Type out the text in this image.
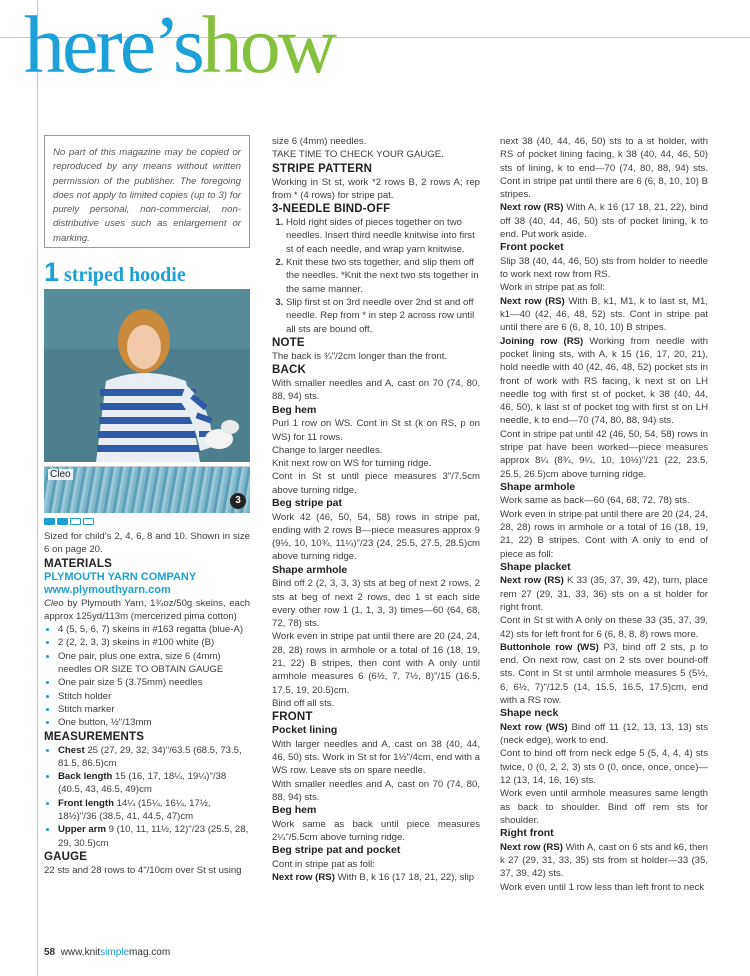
here’show
No part of this magazine may be copied or reproduced by any means without written permission of the publisher. The foregoing does not apply to limited copies (up to 3) for purely personal, non-commercial, non-distributive uses such as enlargement or marking.
1 striped hoodie
Cleo
3

Sized for child’s 2, 4, 6, 8 and 10. Shown in size 6 on page 20.

MATERIALS
PLYMOUTH YARN COMPANY
www.plymouthyarn.com

Cleo by Plymouth Yarn, 1¾oz/50g skeins, each approx 125yd/113m (mercerized pima cotton)

• 4 (5, 5, 6, 7) skeins in #163 regatta (blue-A)
• 2 (2, 2, 3, 3) skeins in #100 white (B)
• One pair, plus one extra, size 6 (4mm) needles OR SIZE TO OBTAIN GAUGE
• One pair size 5 (3.75mm) needles
• Stitch holder
• Stitch marker
• One button, ½"/13mm
MEASUREMENTS
• Chest 25 (27, 29, 32, 34)"/63.5 (68.5, 73.5, 81.5, 86.5)cm
• Back length 15 (16, 17, 18¼, 19¼)"/38 (40.5, 43, 46.5, 49)cm
• Front length 14¼ (15¼, 16¼, 17½, 18½)"/36 (38.5, 41, 44.5, 47)cm
• Upper arm 9 (10, 11, 11½, 12)"/23 (25.5, 28, 29, 30.5)cm
GAUGE

22 sts and 28 rows to 4"/10cm over St st using

size 6 (4mm) needles.

TAKE TIME TO CHECK YOUR GAUGE.

STRIPE PATTERN

Working in St st, work *2 rows B, 2 rows A; rep from * (4 rows) for stripe pat.

3-NEEDLE BIND-OFF
1. Hold right sides of pieces together on two needles. Insert third needle knitwise into first st of each needle, and wrap yarn knitwise.
2. Knit these two sts together, and slip them off the needles. *Knit the next two sts together in the same manner.
3. Slip first st on 3rd needle over 2nd st and off needle. Rep from * in step 2 across row until all sts are bound off.
NOTE

The back is ¾"/2cm longer than the front.

BACK

With smaller needles and A, cast on 70 (74, 80, 88, 94) sts.

Beg hem

Purl 1 row on WS. Cont in St st (k on RS, p on WS) for 11 rows.

Change to larger needles.

Knit next row on WS for turning ridge.

Cont in St st until piece measures 3"/7.5cm above turning ridge.

Beg stripe pat

Work 42 (46, 50, 54, 58) rows in stripe pat, ending with 2 rows B—piece measures approx 9 (9½, 10, 10¾, 11¼)"/23 (24, 25.5, 27.5, 28.5)cm above turning ridge.

Shape armhole

Bind off 2 (2, 3, 3, 3) sts at beg of next 2 rows, 2 sts at beg of next 2 rows, dec 1 st each side every other row 1 (1, 1, 3, 3) times—60 (64, 68, 72, 78) sts.

Work even in stripe pat until there are 20 (24, 24, 28, 28) rows in armhole or a total of 16 (18, 19, 21, 22) B stripes, then cont with A only until armhole measures 6 (6½, 7, 7½, 8)"/15 (16.5, 17.5, 19, 20.5)cm.

Bind off all sts.

FRONT
Pocket lining

With larger needles and A, cast on 38 (40, 44, 46, 50) sts. Work in St st for 1½"/4cm, end with a WS row. Leave sts on spare needle.

With smaller needles and A, cast on 70 (74, 80, 88, 94) sts.

Beg hem

Work same as back until piece measures 2¼"/5.5cm above turning ridge.

Beg stripe pat and pocket

Cont in stripe pat as foll:

Next row (RS) With B, k 16 (17 18, 21, 22), slip

next 38 (40, 44, 46, 50) sts to a st holder, with RS of pocket lining facing, k 38 (40, 44, 46, 50) sts of lining, k to end—70 (74, 80, 88, 94) sts. Cont in stripe pat until there are 6 (6, 8, 10, 10) B stripes.

Next row (RS) With A, k 16 (17 18, 21, 22), bind off 38 (40, 44, 46, 50) sts of pocket lining, k to end. Put work aside.

Front pocket

Slip 38 (40, 44, 46, 50) sts from holder to needle to work next row from RS.

Work in stripe pat as foll:

Next row (RS) With B, k1, M1, k to last st, M1, k1—40 (42, 46, 48, 52) sts. Cont in stripe pat until there are 6 (6, 8, 10, 10) B stripes.

Joining row (RS) Working from needle with pocket lining sts, with A, k 15 (16, 17, 20, 21), hold needle with 40 (42, 46, 48, 52) pocket sts in front of work with RS facing, k next st on LH needle tog with first st of pocket, k 38 (40, 44, 46, 50), k last st of pocket tog with first st on LH needle, k to end—70 (74, 80, 88, 94) sts.

Cont in stripe pat until 42 (46, 50, 54, 58) rows in stripe pat have been worked—piece measures approx 8¼ (8¾, 9¼, 10, 10½)"/21 (22, 23.5, 25.5, 26.5)cm above turning ridge.

Shape armhole

Work same as back—60 (64, 68, 72, 78) sts.

Work even in stripe pat until there are 20 (24, 24, 28, 28) rows in armhole or a total of 16 (18, 19, 21, 22) B stripes. Cont with A only to end of piece as foll:

Shape placket

Next row (RS) K 33 (35, 37, 39, 42), turn, place rem 27 (29, 31, 33, 36) sts on a st holder for right front.

Cont in St st with A only on these 33 (35, 37, 39, 42) sts for left front for 6 (6, 8, 8, 8) rows more.

Buttonhole row (WS) P3, bind off 2 sts, p to end. On next row, cast on 2 sts over bound-off sts. Cont in St st until armhole measures 5 (5½, 6, 6½, 7)"/12.5 (14, 15.5, 16.5, 17.5)cm, end with a RS row.

Shape neck

Next row (WS) Bind off 11 (12, 13, 13, 13) sts (neck edge), work to end.

Cont to bind off from neck edge 5 (5, 4, 4, 4) sts twice, 0 (0, 2, 2, 3) sts 0 (0, once, once, once)—12 (13, 14, 16, 16) sts.

Work even until armhole measures same length as back to shoulder. Bind off rem sts for shoulder.

Right front

Next row (RS) With A, cast on 6 sts and k6, then k 27 (29, 31, 33, 35) sts from st holder—33 (35, 37, 39, 42) sts.

Work even until 1 row less than left front to neck

58 www.knitsimplemag.com
